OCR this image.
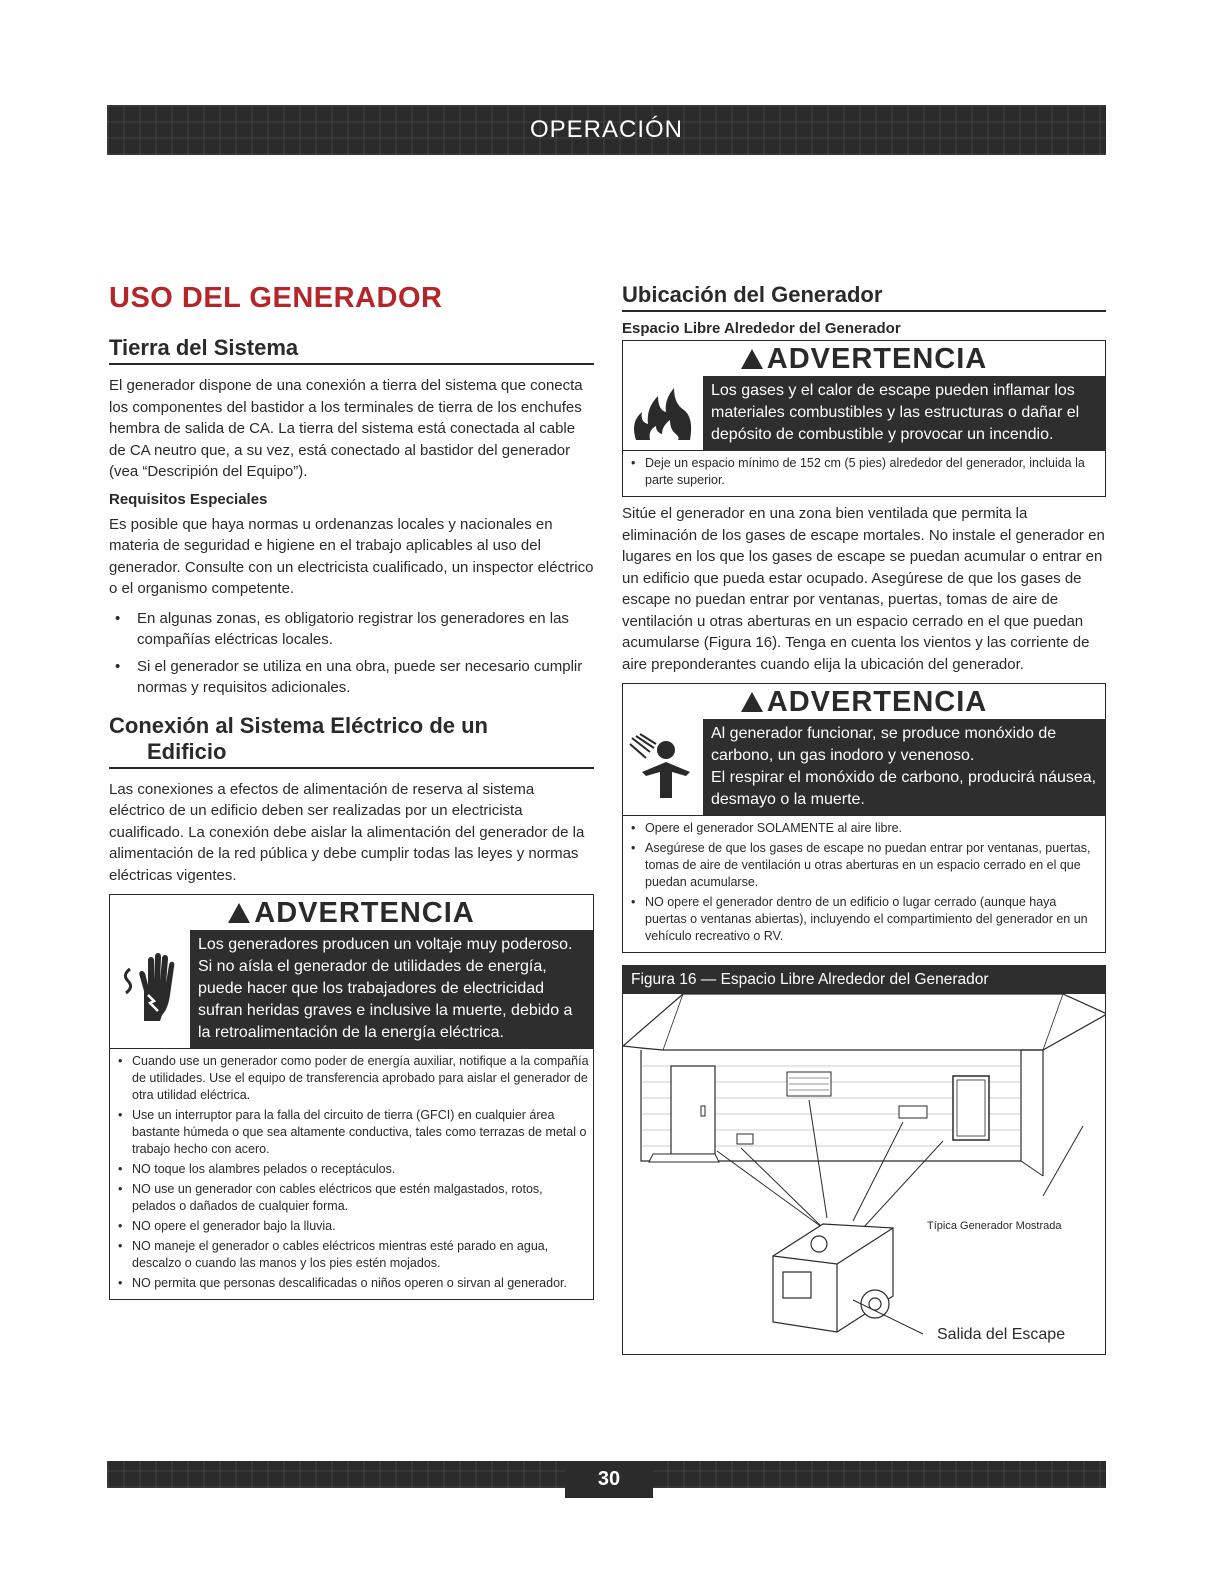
OPERACIÓN
USO DEL GENERADOR
Tierra del Sistema

El generador dispone de una conexión a tierra del sistema que conecta los componentes del bastidor a los terminales de tierra de los enchufes hembra de salida de CA. La tierra del sistema está conectada al cable de CA neutro que, a su vez, está conectado al bastidor del generador (vea “Descripión del Equipo”).

Requisitos Especiales

Es posible que haya normas u ordenanzas locales y nacionales en materia de seguridad e higiene en el trabajo aplicables al uso del generador. Consulte con un electricista cualificado, un inspector eléctrico o el organismo competente.

• En algunas zonas, es obligatorio registrar los generadores en las compañías eléctricas locales.
• Si el generador se utiliza en una obra, puede ser necesario cumplir normas y requisitos adicionales.
Conexión al Sistema Eléctrico de un
Edificio

Las conexiones a efectos de alimentación de reserva al sistema eléctrico de un edificio deben ser realizadas por un electricista cualificado. La conexión debe aislar la alimentación del generador de la alimentación de la red pública y debe cumplir todas las leyes y normas eléctricas vigentes.

ADVERTENCIA
Los generadores producen un voltaje muy poderoso. Si no aísla el generador de utilidades de energía, puede hacer que los trabajadores de electricidad sufran heridas graves e inclusive la muerte, debido a la retroalimentación de la energía eléctrica.
• Cuando use un generador como poder de energía auxiliar, notifique a la compañía de utilidades. Use el equipo de transferencia aprobado para aislar el generador de otra utilidad eléctrica.
• Use un interruptor para la falla del circuito de tierra (GFCI) en cualquier área bastante húmeda o que sea altamente conductiva, tales como terrazas de metal o trabajo hecho con acero.
• NO toque los alambres pelados o receptáculos.
• NO use un generador con cables eléctricos que estén malgastados, rotos, pelados o dañados de cualquier forma.
• NO opere el generador bajo la lluvia.
• NO maneje el generador o cables eléctricos mientras esté parado en agua, descalzo o cuando las manos y los pies estén mojados.
• NO permita que personas descalificadas o niños operen o sirvan al generador.
Ubicación del Generador
Espacio Libre Alrededor del Generador
ADVERTENCIA
Los gases y el calor de escape pueden inflamar los materiales combustibles y las estructuras o dañar el depósito de combustible y provocar un incendio.
• Deje un espacio mínimo de 152 cm (5 pies) alrededor del generador, incluida la parte superior.

Sitúe el generador en una zona bien ventilada que permita la eliminación de los gases de escape mortales. No instale el generador en lugares en los que los gases de escape se puedan acumular o entrar en un edificio que pueda estar ocupado. Asegúrese de que los gases de escape no puedan entrar por ventanas, puertas, tomas de aire de ventilación u otras aberturas en un espacio cerrado en el que puedan acumularse (Figura 16). Tenga en cuenta los vientos y las corriente de aire preponderantes cuando elija la ubicación del generador.

ADVERTENCIA

Al generador funcionar, se produce monóxido de carbono, un gas inodoro y venenoso.

El respirar el monóxido de carbono, producirá náusea, desmayo o la muerte.

• Opere el generador SOLAMENTE al aire libre.
• Asegúrese de que los gases de escape no puedan entrar por ventanas, puertas, tomas de aire de ventilación u otras aberturas en un espacio cerrado en el que puedan acumularse.
• NO opere el generador dentro de un edificio o lugar cerrado (aunque haya puertas o ventanas abiertas), incluyendo el compartimiento del generador en un vehículo recreativo o RV.
Figura 16 — Espacio Libre Alrededor del Generador
Típica Generador Mostrada
Salida del Escape
30
